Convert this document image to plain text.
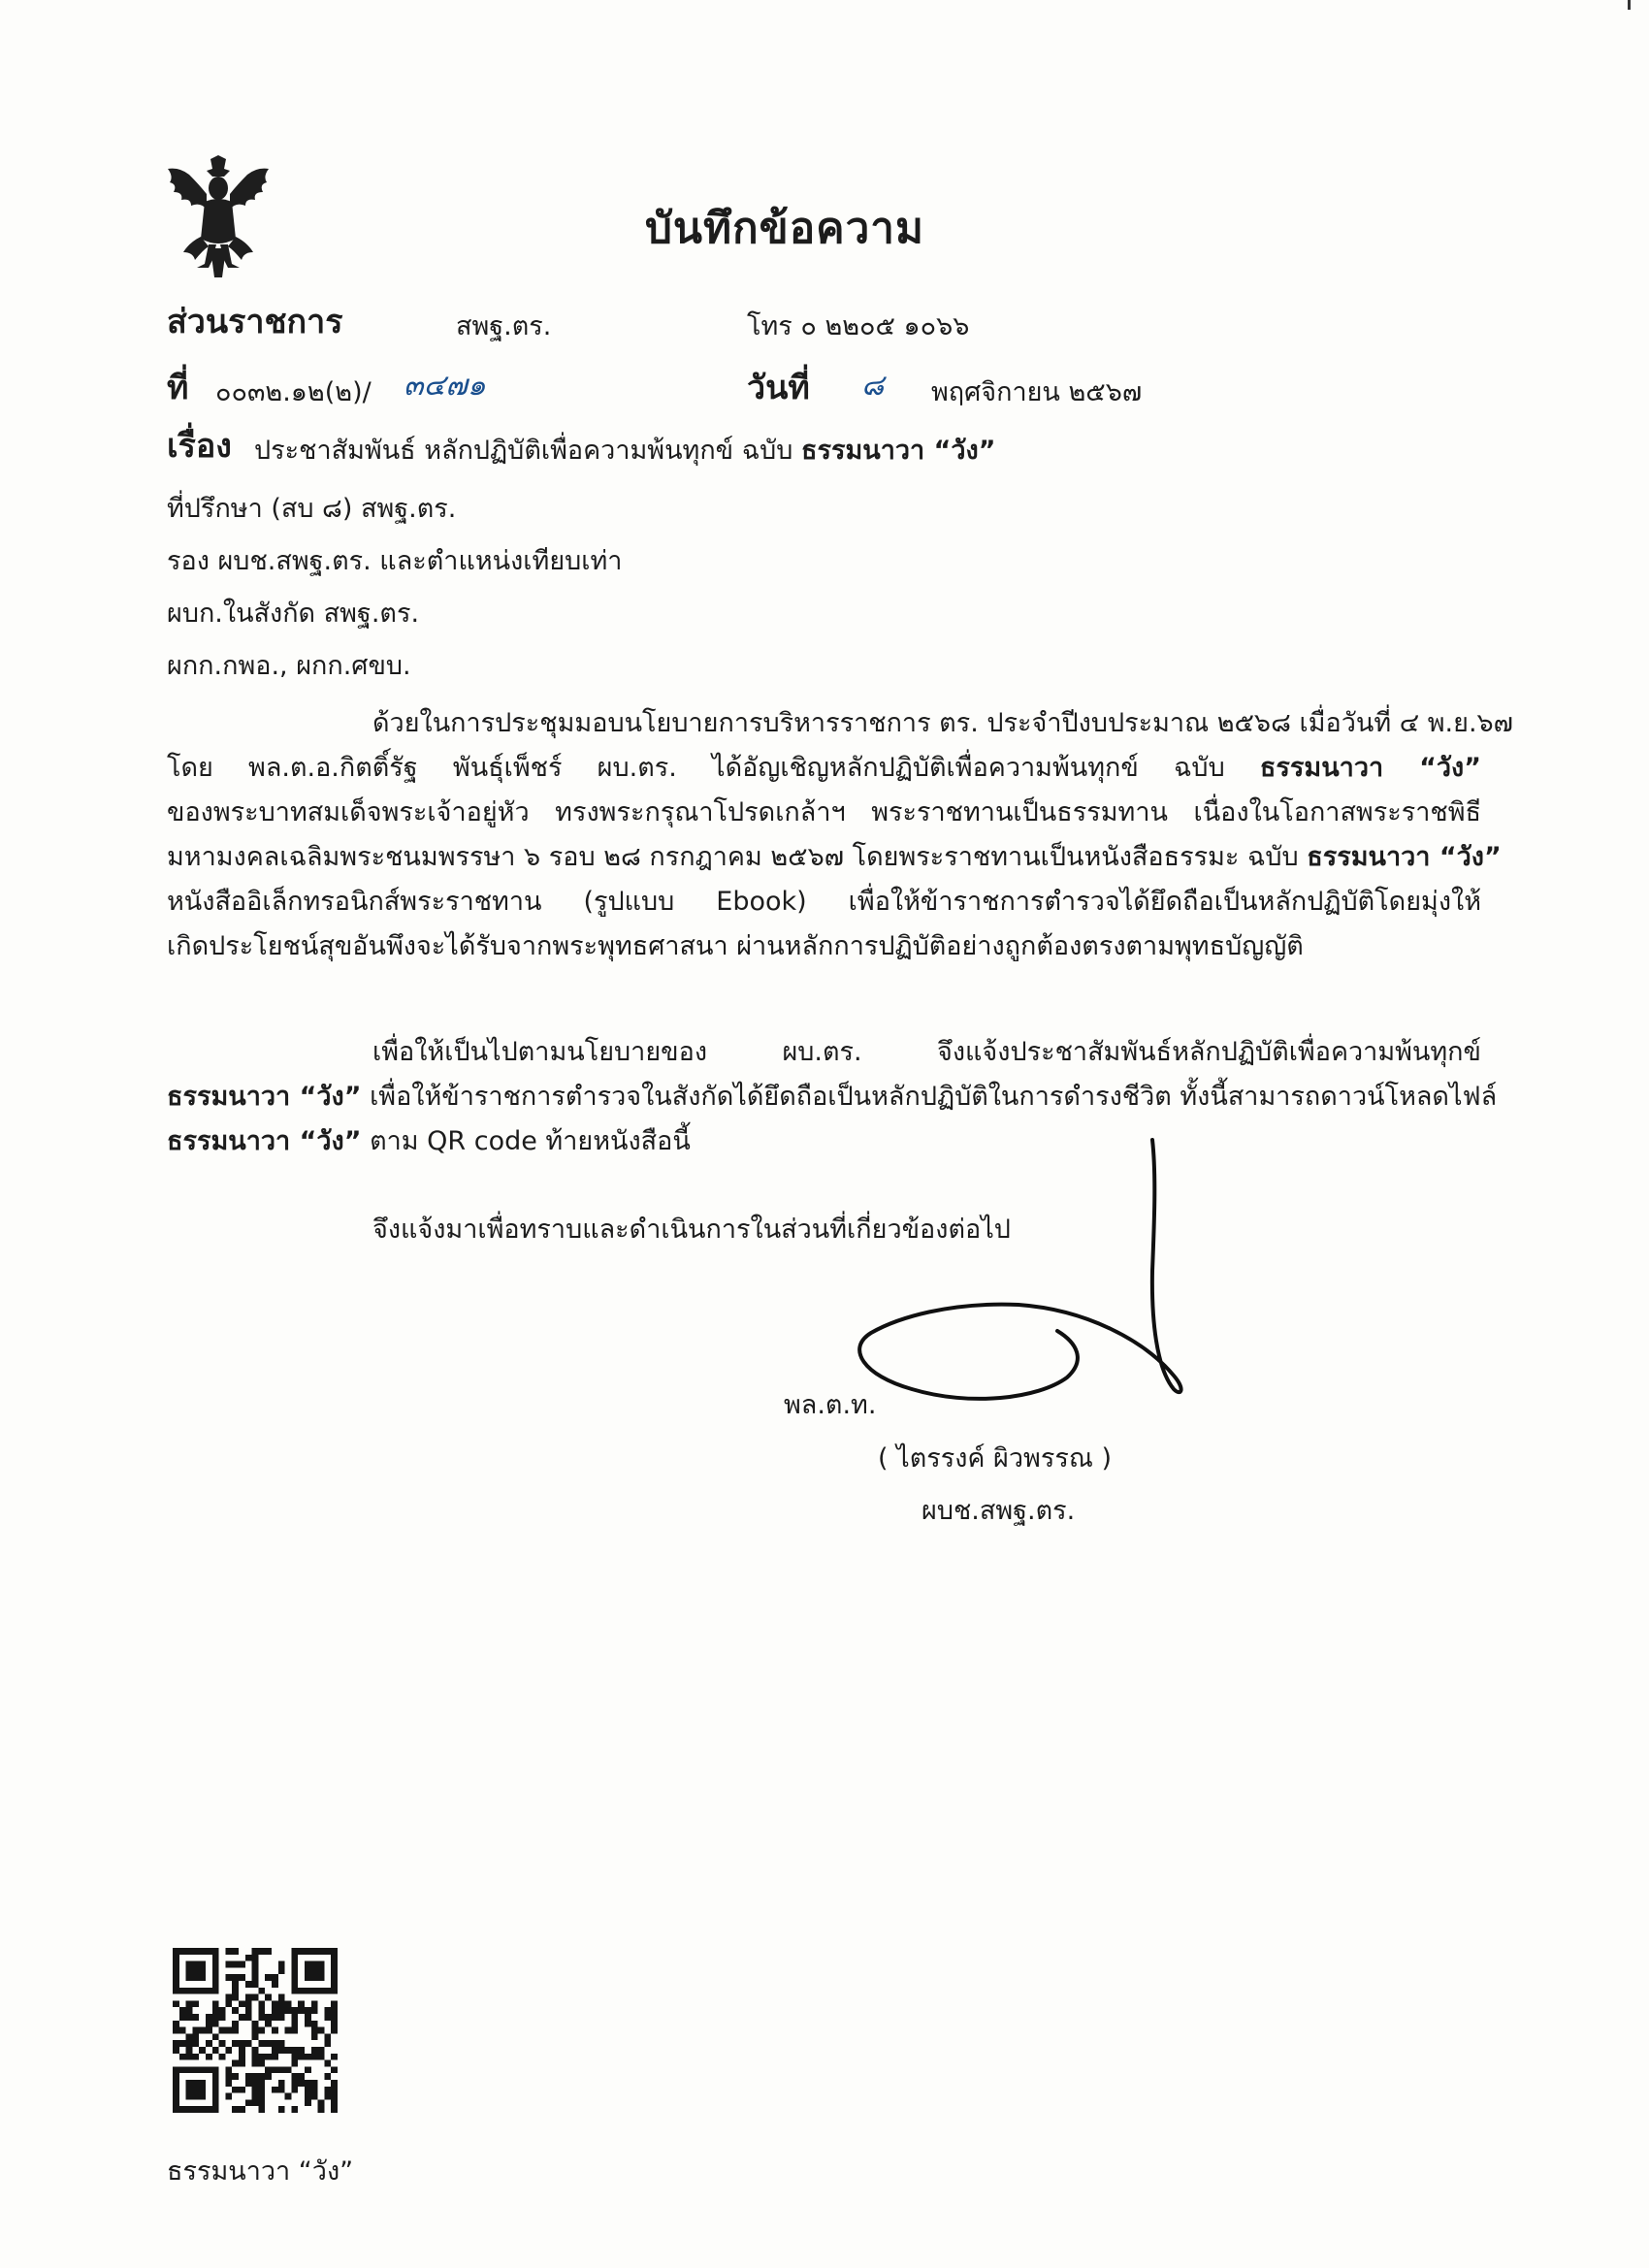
บันทึกข้อความ
ส่วนราชการ	สพฐ.ตร.	โทร ๐ ๒๒๐๕ ๑๐๖๖
ที่ ๐๐๓๒.๑๒(๒)/ ๓๔๗๑	วันที่ ๘ พฤศจิกายน ๒๕๖๗
เรื่อง ประชาสัมพันธ์ หลักปฏิบัติเพื่อความพ้นทุกข์ ฉบับ ธรรมนาวา “วัง”
ที่ปรึกษา (สบ ๘) สพฐ.ตร.
รอง ผบช.สพฐ.ตร. และตำแหน่งเทียบเท่า
ผบก.ในสังกัด สพฐ.ตร.
ผกก.กพอ., ผกก.ศขบ.
ด้วยในการประชุมมอบนโยบายการบริหารราชการ ตร. ประจำปีงบประมาณ ๒๕๖๘ เมื่อวันที่ ๔ พ.ย.๖๗
โดย พล.ต.อ.กิตติ์รัฐ พันธุ์เพ็ชร์ ผบ.ตร. ได้อัญเชิญหลักปฏิบัติเพื่อความพ้นทุกข์ ฉบับ ธรรมนาวา “วัง”
ของพระบาทสมเด็จพระเจ้าอยู่หัว ทรงพระกรุณาโปรดเกล้าฯ พระราชทานเป็นธรรมทาน เนื่องในโอกาสพระราชพิธี
มหามงคลเฉลิมพระชนมพรรษา ๖ รอบ ๒๘ กรกฎาคม ๒๕๖๗ โดยพระราชทานเป็นหนังสือธรรมะ ฉบับ ธรรมนาวา “วัง”
หนังสืออิเล็กทรอนิกส์พระราชทาน (รูปแบบ Ebook) เพื่อให้ข้าราชการตำรวจได้ยึดถือเป็นหลักปฏิบัติโดยมุ่งให้
เกิดประโยชน์สุขอันพึงจะได้รับจากพระพุทธศาสนา ผ่านหลักการปฏิบัติอย่างถูกต้องตรงตามพุทธบัญญัติ
เพื่อให้เป็นไปตามนโยบายของ ผบ.ตร. จึงแจ้งประชาสัมพันธ์หลักปฏิบัติเพื่อความพ้นทุกข์
ธรรมนาวา “วัง” เพื่อให้ข้าราชการตำรวจในสังกัดได้ยึดถือเป็นหลักปฏิบัติในการดำรงชีวิต ทั้งนี้สามารถดาวน์โหลดไฟล์
ธรรมนาวา “วัง” ตาม QR code ท้ายหนังสือนี้
จึงแจ้งมาเพื่อทราบและดำเนินการในส่วนที่เกี่ยวข้องต่อไป
พล.ต.ท.
( ไตรรงค์ ผิวพรรณ )
ผบช.สพฐ.ตร.
ธรรมนาวา “วัง”
